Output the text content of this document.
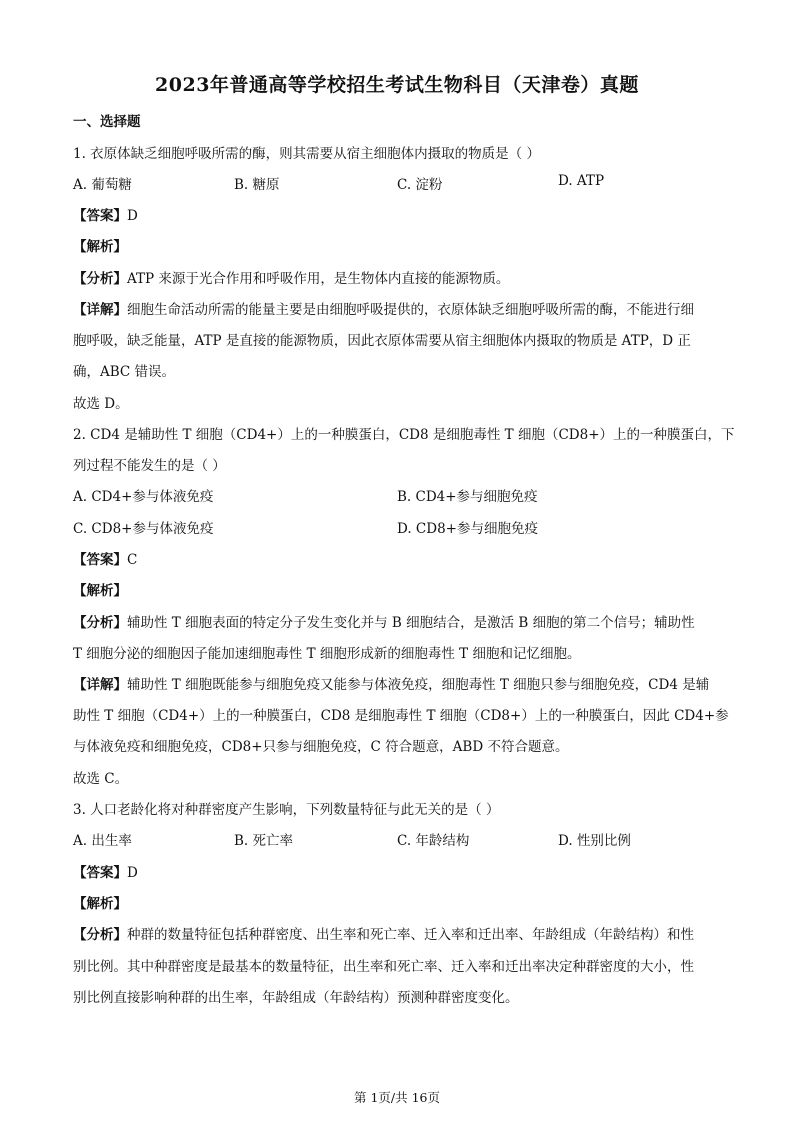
2023年普通高等学校招生考试生物科目（天津卷）真题
一、选择题
1. 衣原体缺乏细胞呼吸所需的酶，则其需要从宿主细胞体内摄取的物质是（ ）
A. 葡萄糖	B. 糖原	C. 淀粉	D. ATP
【答案】D
【解析】
【分析】ATP 来源于光合作用和呼吸作用，是生物体内直接的能源物质。
【详解】细胞生命活动所需的能量主要是由细胞呼吸提供的，衣原体缺乏细胞呼吸所需的酶，不能进行细
胞呼吸，缺乏能量，ATP 是直接的能源物质，因此衣原体需要从宿主细胞体内摄取的物质是 ATP，D 正
确，ABC 错误。
故选 D。
2. CD4 是辅助性 T 细胞（CD4+）上的一种膜蛋白，CD8 是细胞毒性 T 细胞（CD8+）上的一种膜蛋白，下
列过程不能发生的是（ ）
A. CD4+参与体液免疫	B. CD4+参与细胞免疫
C. CD8+参与体液免疫	D. CD8+参与细胞免疫
【答案】C
【解析】
【分析】辅助性 T 细胞表面的特定分子发生变化并与 B 细胞结合，是激活 B 细胞的第二个信号；辅助性
T 细胞分泌的细胞因子能加速细胞毒性 T 细胞形成新的细胞毒性 T 细胞和记忆细胞。
【详解】辅助性 T 细胞既能参与细胞免疫又能参与体液免疫，细胞毒性 T 细胞只参与细胞免疫，CD4 是辅
助性 T 细胞（CD4+）上的一种膜蛋白，CD8 是细胞毒性 T 细胞（CD8+）上的一种膜蛋白，因此 CD4+参
与体液免疫和细胞免疫，CD8+只参与细胞免疫，C 符合题意，ABD 不符合题意。
故选 C。
3. 人口老龄化将对种群密度产生影响，下列数量特征与此无关的是（ ）
A. 出生率	B. 死亡率	C. 年龄结构	D. 性别比例
【答案】D
【解析】
【分析】种群的数量特征包括种群密度、出生率和死亡率、迁入率和迁出率、年龄组成（年龄结构）和性
别比例。其中种群密度是最基本的数量特征，出生率和死亡率、迁入率和迁出率决定种群密度的大小，性
别比例直接影响种群的出生率，年龄组成（年龄结构）预测种群密度变化。
第 1页/共 16页
